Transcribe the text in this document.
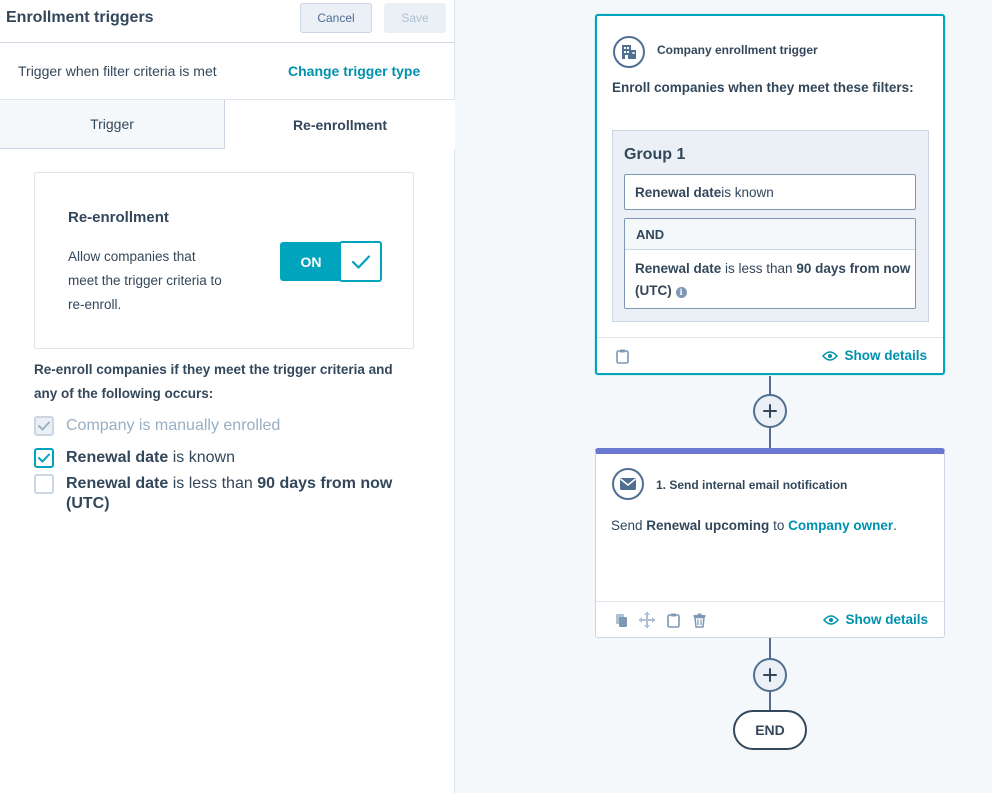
Enrollment triggers	Cancel	Save
Trigger when filter criteria is met	Change trigger type
Trigger	Re-enrollment
Re-enrollment
Allow companies that meet the trigger criteria to re-enroll.
ON
Re-enroll companies if they meet the trigger criteria and any of the following occurs:
Company is manually enrolled
Renewal date is known
Renewal date is less than 90 days from now (UTC)
Company enrollment trigger
Enroll companies when they meet these filters:
Group 1
Renewal date is known
AND
Renewal date is less than 90 days from now (UTC) i
Show details
1. Send internal email notification
Send Renewal upcoming to Company owner.
Show details
END
